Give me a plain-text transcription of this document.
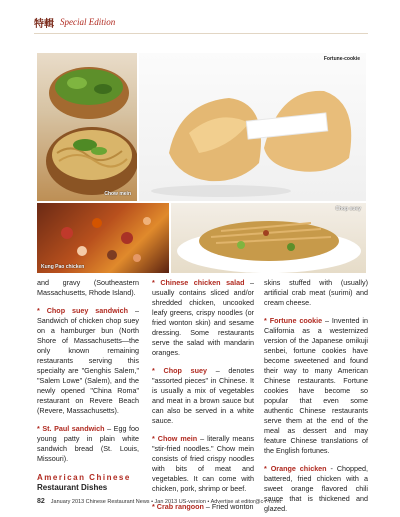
特輯 Special Edition
Chow mein
Fortune-cookie
Kung Pao chicken
Chop suey

and gravy (Southeastern Massachusetts, Rhode Island).

* Chop suey sandwich – Sandwich of chicken chop suey on a hamburger bun (North Shore of Massachusetts—the only known remaining restaurants serving this specialty are "Genghis Salem," "Salem Lowe" (Salem), and the newly opened "China Roma" restaurant on Revere Beach (Revere, Massachusetts).

* St. Paul sandwich – Egg foo young patty in plain white sandwich bread (St. Louis, Missouri).

American Chinese
Restaurant Dishes

* Chinese chicken salad – usually contains sliced and/or shredded chicken, uncooked leafy greens, crispy noodles (or fried wonton skin) and sesame dressing. Some restaurants serve the salad with mandarin oranges.

* Chop suey – denotes "assorted pieces" in Chinese. It is usually a mix of vegetables and meat in a brown sauce but can also be served in a white sauce.

* Chow mein – literally means "stir-fried noodles." Chow mein consists of fried crispy noodles with bits of meat and vegetables. It can come with chicken, pork, shrimp or beef.

* Crab rangoon – Fried wonton

skins stuffed with (usually) artificial crab meat (surimi) and cream cheese.

* Fortune cookie – Invented in California as a westernized version of the Japanese omikuji senbei, fortune cookies have become sweetened and found their way to many American Chinese restaurants. Fortune cookies have become so popular that even some authentic Chinese restaurants serve them at the end of the meal as dessert and may feature Chinese translations of the English fortunes.

* Orange chicken - Chopped, battered, fried chicken with a sweet orange flavored chili sauce that is thickened and glazed.

82 January 2013 Chinese Restaurant News • Jan 2013 US-version • Advertise at editor@c-r-n.net
